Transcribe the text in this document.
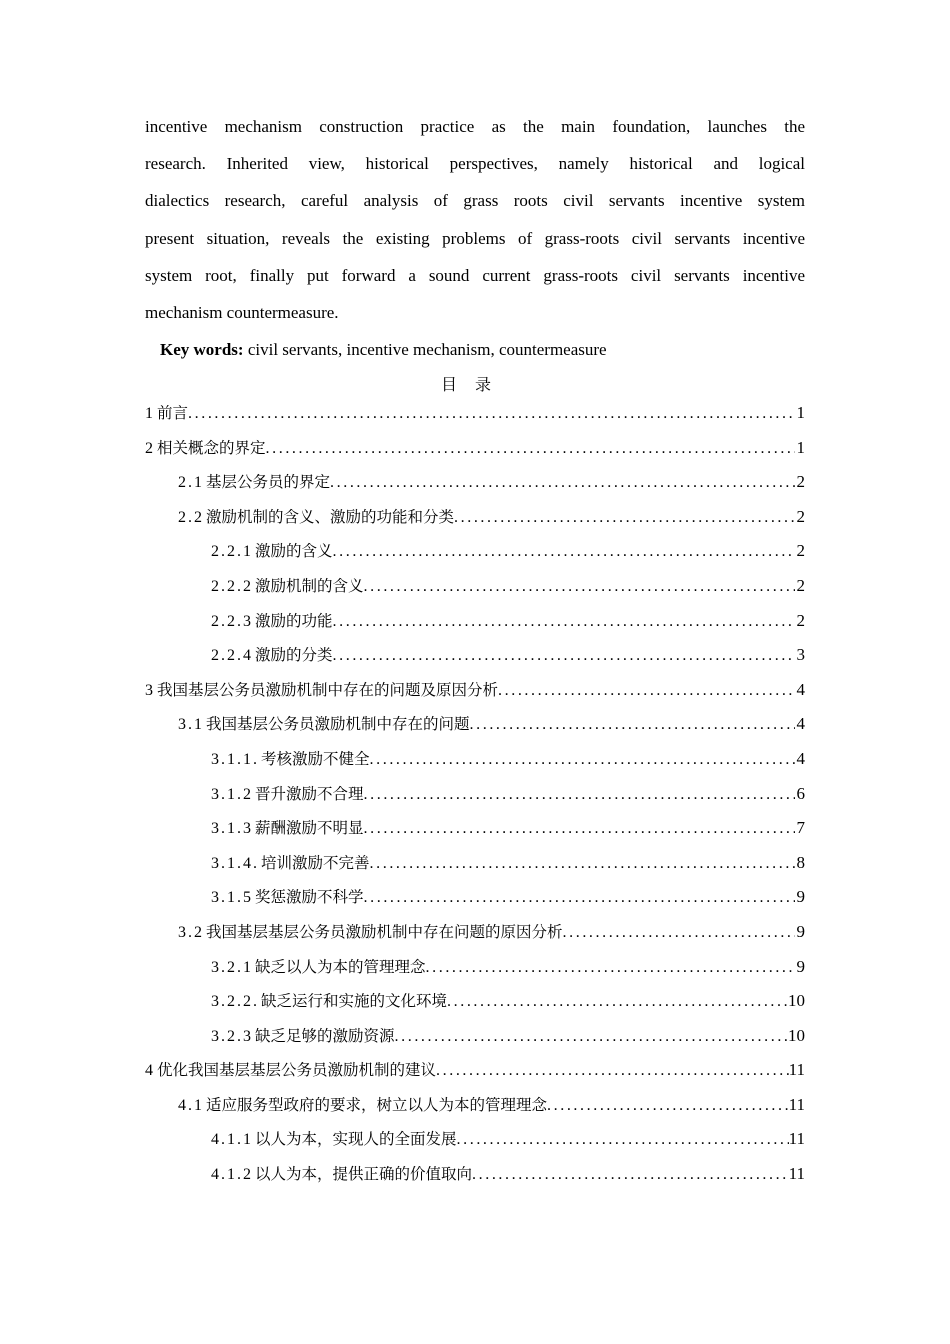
incentive mechanism construction practice as the main foundation, launches the
research. Inherited view, historical perspectives, namely historical and logical
dialectics research, careful analysis of grass roots civil servants incentive system
present situation, reveals the existing problems of grass-roots civil servants incentive
system root, finally put forward a sound current grass-roots civil servants incentive
mechanism countermeasure.
Key words: civil servants, incentive mechanism, countermeasure
目录
1 前言 .....	1
2 相关概念的界定 .....	1
2.1 基层公务员的界定 .....	2
2.2 激励机制的含义、激励的功能和分类 .....	2
2.2.1 激励的含义 .....	2
2.2.2 激励机制的含义 .....	2
2.2.3 激励的功能 .....	2
2.2.4 激励的分类 .....	3
3 我国基层公务员激励机制中存在的问题及原因分析 .....	4
3.1 我国基层公务员激励机制中存在的问题 .....	4
3.1.1. 考核激励不健全 .....	4
3.1.2 晋升激励不合理 .....	6
3.1.3 薪酬激励不明显 .....	7
3.1.4. 培训激励不完善 .....	8
3.1.5 奖惩激励不科学 .....	9
3.2 我国基层基层公务员激励机制中存在问题的原因分析 .....	9
3.2.1 缺乏以人为本的管理理念 .....	9
3.2.2. 缺乏运行和实施的文化环境 .....	10
3.2.3 缺乏足够的激励资源 .....	10
4 优化我国基层基层公务员激励机制的建议 .....	11
4.1 适应服务型政府的要求，树立以人为本的管理理念 .....	11
4.1.1 以人为本，实现人的全面发展 .....	11
4.1.2 以人为本，提供正确的价值取向 .....	11
